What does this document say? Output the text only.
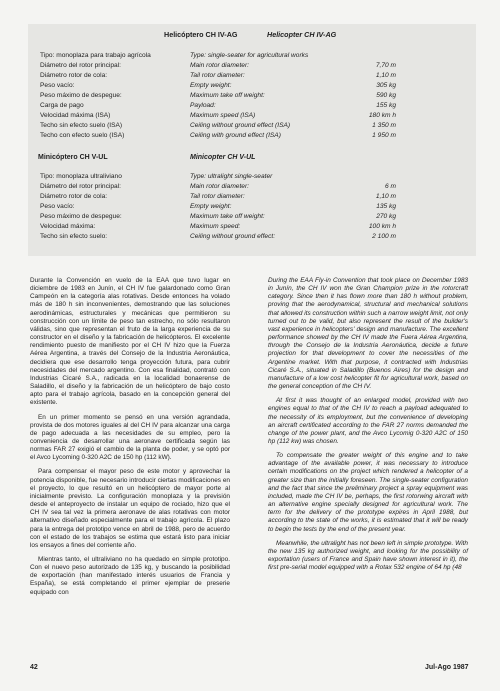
Helicóptero CH IV-AG	Helicopter CH IV-AG
Tipo: monoplaza para trabajo agrícola	Type: single-seater for agricultural works
Diámetro del rotor principal:	Main rotor diameter:	7,70 m
Diámetro rotor de cola:	Tail rotor diameter:	1,10 m
Peso vacío:	Empty weight:	305 kg
Peso máximo de despegue:	Maximum take off weight:	590 kg
Carga de pago	Payload:	155 kg
Velocidad máxima (ISA)	Maximum speed (ISA)	180 km h
Techo sin efecto suelo (ISA)	Ceiling without ground effect (ISA)	1 350 m
Techo con efecto suelo (ISA)	Ceiling with ground effect (ISA)	1 950 m
Minicóptero CH V-UL	Minicopter CH V-UL
Tipo: monoplaza ultraliviano	Type: ultralight single-seater
Diámetro del rotor principal:	Main rotor diameter:	6 m
Diámetro rotor de cola:	Tail rotor diameter:	1,10 m
Peso vacío:	Empty weight:	135 kg
Peso máximo de despegue:	Maximum take off weight:	270 kg
Velocidad máxima:	Maximum speed:	100 km h
Techo sin efecto suelo:	Ceiling without ground effect:	2 100 m

Durante la Convención en vuelo de la EAA que tuvo lugar en diciembre de 1983 en Junín, el CH IV fue galardonado como Gran Campeón en la categoría alas rotativas. Desde entonces ha volado más de 180 h sin inconvenientes, demostrando que las soluciones aerodinámicas, estructurales y mecánicas que permitieron su construcción con un límite de peso tan estrecho, no sólo resultaron válidas, sino que representan el fruto de la larga experiencia de su constructor en el diseño y la fabricación de helicópteros. El excelente rendimiento puesto de manifiesto por el CH IV hizo que la Fuerza Aérea Argentina, a través del Consejo de la Industria Aeronáutica, decidiera que ese desarrollo tenga proyección futura, para cubrir necesidades del mercado argentino. Con esa finalidad, contrató con Industrias Cicaré S.A., radicada en la localidad bonaerense de Saladillo, el diseño y la fabricación de un helicóptero de bajo costo apto para el trabajo agrícola, basado en la concepción general del existente.

En un primer momento se pensó en una versión agrandada, provista de dos motores iguales al del CH IV para alcanzar una carga de pago adecuada a las necesidades de su empleo, pero la conveniencia de desarrollar una aeronave certificada según las normas FAR 27 exigió el cambio de la planta de poder, y se optó por el Avco Lycoming 0-320 A2C de 150 hp (112 kW).

Para compensar el mayor peso de este motor y aprovechar la potencia disponible, fue necesario introducir ciertas modificaciones en el proyecto, lo que resultó en un helicóptero de mayor porte al inicialmente previsto. La configuración monoplaza y la previsión desde el anteproyecto de instalar un equipo de rociado, hizo que el CH IV sea tal vez la primera aeronave de alas rotativas con motor alternativo diseñado especialmente para el trabajo agrícola. El plazo para la entrega del prototipo vence en abril de 1988, pero de acuerdo con el estado de los trabajos se estima que estará listo para iniciar los ensayos a fines del corriente año.

Mientras tanto, el ultraliviano no ha quedado en simple prototipo. Con el nuevo peso autorizado de 135 kg, y buscando la posibilidad de exportación (han manifestado interés usuarios de Francia y España), se está completando el primer ejemplar de preserie equipado con

During the EAA Fly-in Convention that took place on December 1983 in Junín, the CH IV won the Gran Champion prize in the rotorcraft category. Since then it has flown more than 180 h without problem, proving that the aerodynamical, structural and mechanical solutions that allowed its construction within such a narrow weight limit, not only turned out to be valid, but also represent the result of the builder's vast experience in helicopters' design and manufacture. The excellent performance showed by the CH IV made the Fuera Aérea Argentina, through the Consejo de la Industria Aeronáutica, decide a future projection for that development to cover the necessities of the Argentine market. With that purpose, it contracted with Industrias Cicaré S.A., situated in Saladillo (Buenos Aires) for the design and manufacture of a low cost helicopter fit for agricultural work, based on the general conception of the CH IV.

At first it was thought of an enlarged model, provided with two engines equal to that of the CH IV to reach a payload adequated to the necessity of its employment, but the convenience of developing an aircraft certificated according to the FAR 27 norms demanded the change of the power plant, and the Avco Lycomig 0-320 A2C of 150 hp (112 kw) was chosen.

To compensate the greater weight of this engine and to take advantage of the available power, it was necessary to introduce certain modifications on the project which rendered a helicopter of a greater size than the initially foreseen. The single-seater configuration and the fact that since the preliminary project a spray equipment was included, made the CH IV be, perhaps, the first rotorwing aircraft with an alternative engine specially designed for agricultural work. The term for the delivery of the prototype expires in April 1988, but according to the state of the works, it is estimated that it will be ready to begin the tests by the end of the present year.

Meanwhile, the ultralight has not been left in simple prototype. With the new 135 kg authorized weight, and looking for the possibility of exportation (users of France and Spain have shown interest in it), the first pre-serial model equipped with a Rotax 532 engine of 64 hp (48

42	Jul-Ago 1987
